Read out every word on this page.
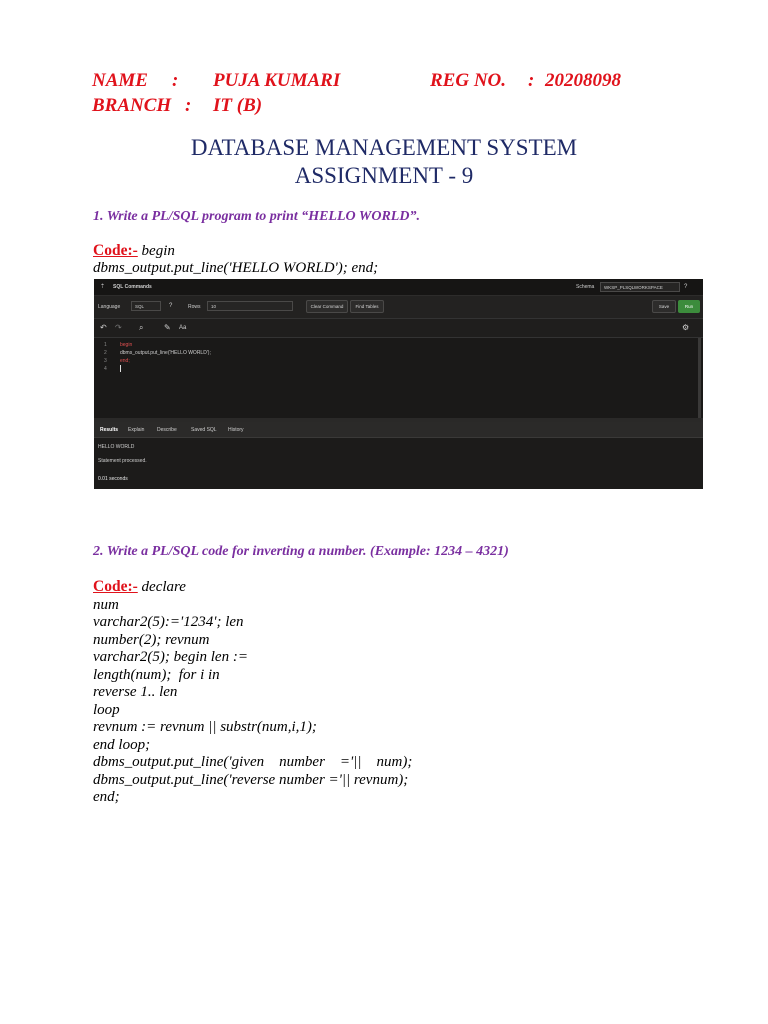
NAME : PUJA KUMARI	REG NO. : 20208098
BRANCH : IT (B)
DATABASE MANAGEMENT SYSTEM
ASSIGNMENT - 9
1. Write a PL/SQL program to print “HELLO WORLD”.
Code:- begin
dbms_output.put_line('HELLO WORLD'); end;
⇡ SQL Commands	Schema	WKSP_PLSQLWORKSPACE	?
Language	SQL	?	Rows	10	Clear Command	Find Tables	Save	Run
↶ ↷ ⌕	✎ Aa	⚙
1	begin
2	dbms_output.put_line('HELLO WORLD');
3	end;
4
Results Explain	Describe	Saved SQL History
HELLO WORLD
Statement processed.
0.01 seconds
2. Write a PL/SQL code for inverting a number. (Example: 1234 – 4321)
Code:- declare
num
varchar2(5):='1234'; len
number(2); revnum
varchar2(5); begin len :=
length(num);  for i in
reverse 1.. len
loop
revnum := revnum || substr(num,i,1);
end loop;
dbms_output.put_line('given    number    ='||    num);
dbms_output.put_line('reverse number ='|| revnum);
end;
